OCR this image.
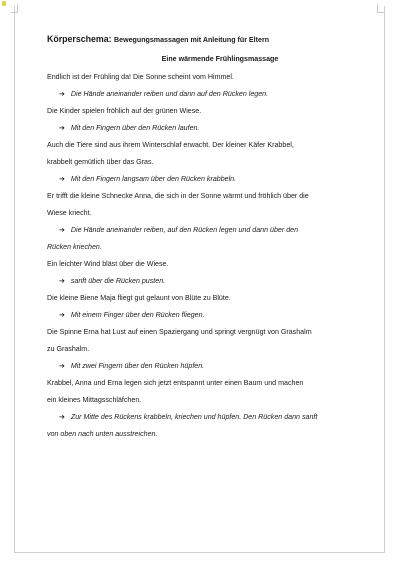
Körperschema: Bewegungsmassagen mit Anleitung für Eltern
Eine wärmende Frühlingsmassage
Endlich ist der Frühling da! Die Sonne scheint vom Himmel.
➔ Die Hände aneinander reiben und dann auf den Rücken legen.
Die Kinder spielen fröhlich auf der grünen Wiese.
➔ Mit den Fingern über den Rücken laufen.
Auch die Tiere sind aus ihrem Winterschlaf erwacht. Der kleiner Käfer Krabbel,
krabbelt gemütlich über das Gras.
➔ Mit den Fingern langsam über den Rücken krabbeln.
Er trifft die kleine Schnecke Anna, die sich in der Sonne wärmt und fröhlich über die
Wiese kriecht.
➔ Die Hände aneinander reiben, auf den Rücken legen und dann über den
Rücken kriechen.
Ein leichter Wind bläst über die Wiese.
➔ sanft über die Rücken pusten.
Die kleine Biene Maja fliegt gut gelaunt von Blüte zu Blüte.
➔ Mit einem Finger über den Rücken fliegen.
Die Spinne Erna hat Lust auf einen Spaziergang und springt vergnügt von Grashalm
zu Grashalm.
➔ Mit zwei Fingern über den Rücken hüpfen.
Krabbel, Anna und Erna legen sich jetzt entspannt unter einen Baum und machen
ein kleines Mittagsschläfchen.
➔ Zur Mitte des Rückens krabbeln, kriechen und hüpfen. Den Rücken dann sanft
von oben nach unten ausstreichen.
